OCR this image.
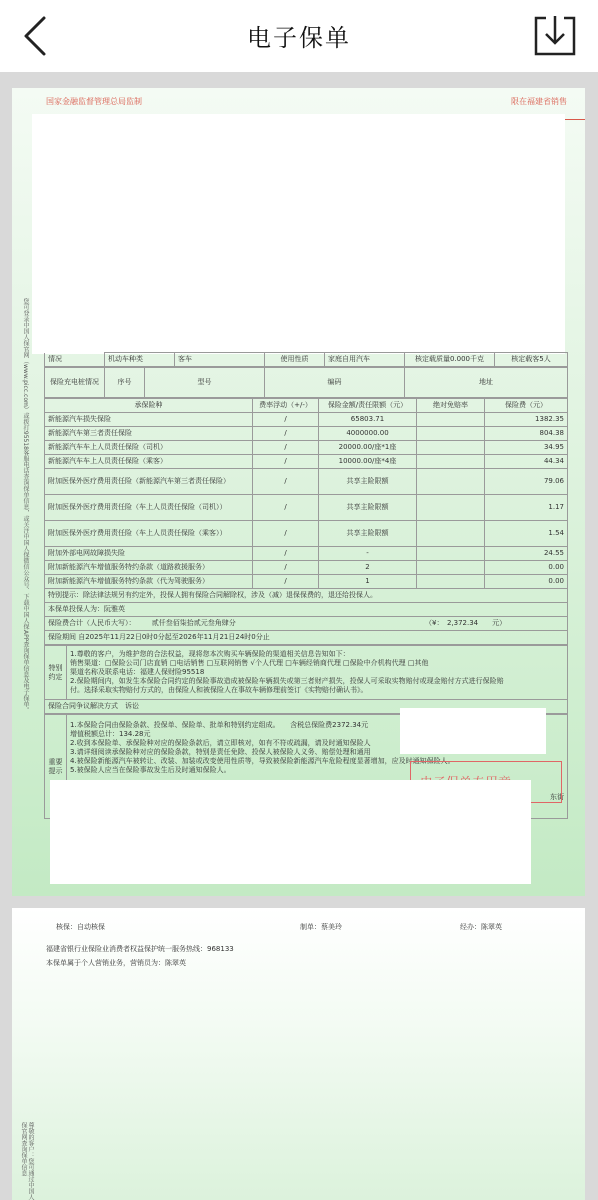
电子保单
国家金融监督管理总局监制	限在福建省销售
您可登录中国人保官网（www.picc.com）或拨打95518客服电话查询保单信息，或关注中国人保微信公众号、下载中国人保APP查询保单信息及电子保单。	情况	机动车种类	客车	使用性质	家庭自用汽车	核定载质量0.000千克	核定载客5人
保险充电桩情况	序号	型号	编码	地址
承保险种	费率浮动（+/-）	保险金额/责任限额（元）	绝对免赔率	保险费（元）
新能源汽车损失保险	/	65803.71		1382.35
新能源汽车第三者责任保险	/	4000000.00		804.38
新能源汽车车上人员责任保险（司机）	/	20000.00/座*1座		34.95
新能源汽车车上人员责任保险（乘客）	/	10000.00/座*4座		44.34
附加医保外医疗费用责任险（新能源汽车第三者责任保险）	/	共享主险限额		79.06
附加医保外医疗费用责任险（车上人员责任保险（司机））	/	共享主险限额		1.17
附加医保外医疗费用责任险（车上人员责任保险（乘客））	/	共享主险限额		1.54
附加外部电网故障损失险	/	-		24.55
附加新能源汽车增值服务特约条款（道路救援服务）	/	2		0.00
附加新能源汽车增值服务特约条款（代为驾驶服务）	/	1		0.00
特别提示：除法律法规另有约定外，投保人拥有保险合同解除权，涉及（减）退保保费的，退还给投保人。
本保单投保人为：阮雅英
保险费合计（人民币大写）： 贰仟叁佰柒拾贰元叁角肆分	（¥：　2,372.34　　元）
保险期间 自2025年11月22日0时0分起至2026年11月21日24时0分止
特别约定	
1.尊敬的客户，为维护您的合法权益，现将您本次购买车辆保险的渠道相关信息告知如下：
销售渠道：□保险公司门店直销 □电话销售 □互联网销售 √个人代理 □车辆经销商代理 □保险中介机构代理 □其他
渠道名称及联系电话：福建人保财险95518
2.保险期间内，如发生本保险合同约定的保险事故造成被保险车辆损失或第三者财产损失，投保人可采取实物赔付或现金赔付方式进行保险赔
付。选择采取实物赔付方式的，由保险人和被保险人在事故车辆修理前签订《实物赔付确认书》。
保险合同争议解决方式　诉讼
重要提示	
1.本保险合同由保险条款、投保单、保险单、批单和特别约定组成。　　含税总保险费2372.34元
增值税额总计：134.28元
2.收到本保险单、承保险种对应的保险条款后，请立即核对，如有不符或疏漏，请及时通知保险人
3.请详细阅读承保险种对应的保险条款，特别是责任免除、投保人被保险人义务、赔偿处理和通用
4.被保险新能源汽车被转让、改装、加装或改变使用性质等，导致被保险新能源汽车危险程度显著增加，应及时通知保险人。
5.被保险人应当在保险事故发生后及时通知保险人。
东街
核保：自动核保	制单：蔡美玲	经办：陈翠英
福建省银行业保险业消费者权益保护统一服务热线：968133
本保单属于个人营销业务，营销员为：陈翠英
尊敬的客户：您可通过中国人保官网查询保单信息
